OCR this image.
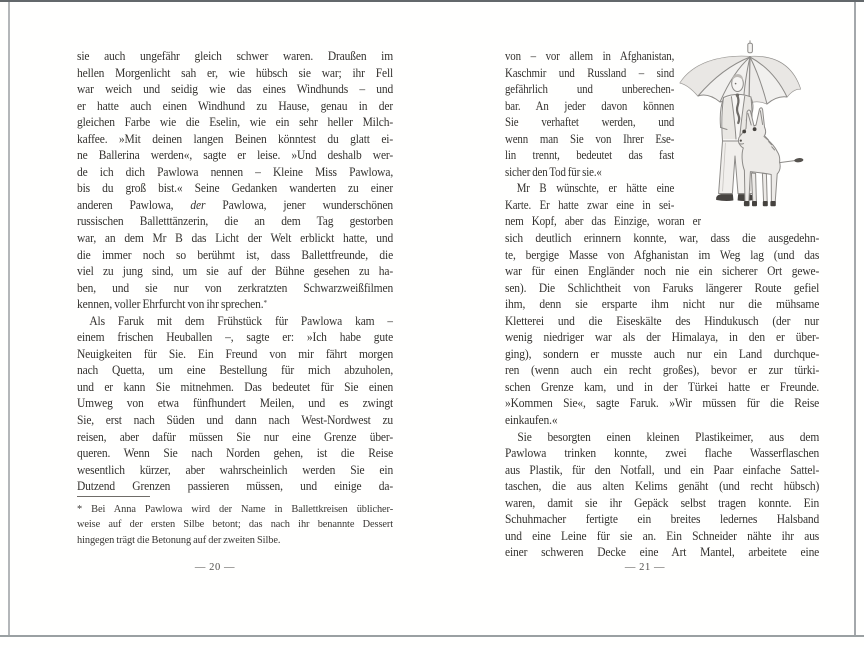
sie auch ungefähr gleich schwer waren. Draußen im
hellen Morgenlicht sah er, wie hübsch sie war; ihr Fell
war weich und seidig wie das eines Windhunds – und
er hatte auch einen Windhund zu Hause, genau in der
gleichen Farbe wie die Eselin, wie ein sehr heller Milch-
kaffee. »Mit deinen langen Beinen könntest du glatt ei-
ne Ballerina werden«, sagte er leise. »Und deshalb wer-
de ich dich Pawlowa nennen – Kleine Miss Pawlowa,
bis du groß bist.« Seine Gedanken wanderten zu einer
anderen Pawlowa, der Pawlowa, jener wunderschönen
russischen Balletttänzerin, die an dem Tag gestorben
war, an dem Mr B das Licht der Welt erblickt hatte, und
die immer noch so berühmt ist, dass Ballettfreunde, die
viel zu jung sind, um sie auf der Bühne gesehen zu ha-
ben, und sie nur von zerkratzten Schwarzweißfilmen
kennen, voller Ehrfurcht von ihr sprechen.*
Als Faruk mit dem Frühstück für Pawlowa kam –
einem frischen Heuballen –, sagte er: »Ich habe gute
Neuigkeiten für Sie. Ein Freund von mir fährt morgen
nach Quetta, um eine Bestellung für mich abzuholen,
und er kann Sie mitnehmen. Das bedeutet für Sie einen
Umweg von etwa fünfhundert Meilen, und es zwingt
Sie, erst nach Süden und dann nach West-Nordwest zu
reisen, aber dafür müssen Sie nur eine Grenze über-
queren. Wenn Sie nach Norden gehen, ist die Reise
wesentlich kürzer, aber wahrscheinlich werden Sie ein
Dutzend Grenzen passieren müssen, und einige da-
* Bei Anna Pawlowa wird der Name in Ballettkreisen üblicher-
weise auf der ersten Silbe betont; das nach ihr benannte Dessert
hingegen trägt die Betonung auf der zweiten Silbe.
— 20 —
von – vor allem in Afghanistan,
Kaschmir und Russland – sind
gefährlich und unberechen-
bar. An jeder davon können
Sie verhaftet werden, und
wenn man Sie von Ihrer Ese-
lin trennt, bedeutet das fast
sicher den Tod für sie.«
Mr B wünschte, er hätte eine
Karte. Er hatte zwar eine in sei-
nem Kopf, aber das Einzige, woran er
sich deutlich erinnern konnte, war, dass die ausgedehn-
te, bergige Masse von Afghanistan im Weg lag (und das
war für einen Engländer noch nie ein sicherer Ort gewe-
sen). Die Schlichtheit von Faruks längerer Route gefiel
ihm, denn sie ersparte ihm nicht nur die mühsame
Kletterei und die Eiseskälte des Hindukusch (der nur
wenig niedriger war als der Himalaya, in den er über-
ging), sondern er musste auch nur ein Land durchque-
ren (wenn auch ein recht großes), bevor er zur türki-
schen Grenze kam, und in der Türkei hatte er Freunde.
»Kommen Sie«, sagte Faruk. »Wir müssen für die Reise
einkaufen.«
Sie besorgten einen kleinen Plastikeimer, aus dem
Pawlowa trinken konnte, zwei flache Wasserflaschen
aus Plastik, für den Notfall, und ein Paar einfache Sattel-
taschen, die aus alten Kelims genäht (und recht hübsch)
waren, damit sie ihr Gepäck selbst tragen konnte. Ein
Schuhmacher fertigte ein breites ledernes Halsband
und eine Leine für sie an. Ein Schneider nähte ihr aus
einer schweren Decke eine Art Mantel, arbeitete eine
— 21 —
